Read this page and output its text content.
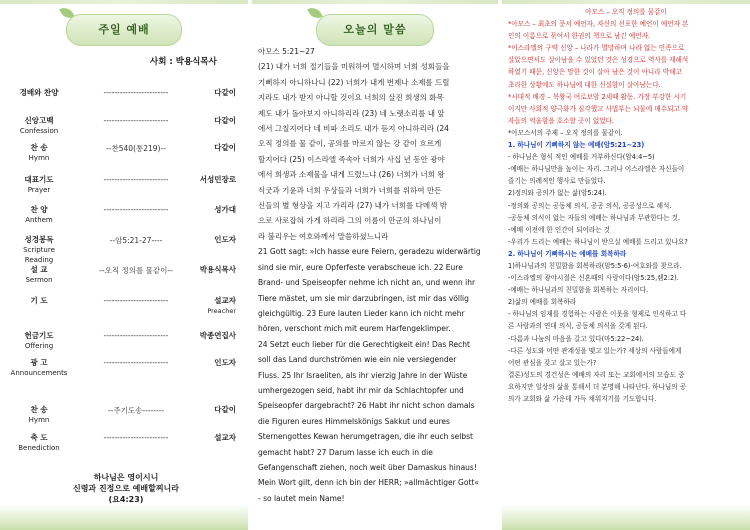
주일 예배
사회 : 박용식목사
경배와 찬양	------------------------	다같이
신앙고백
Confession
------------------------	다같이
찬 송
Hymn
--찬540(통219)--	다같이
대표기도
Prayer
------------------------	서성민장로
찬 양
Anthem
------------------------	성가대
성경봉독
Scripture Reading
--암5:21-27----	인도자
설 교
Sermon
--오직 정의를 물같이--	박용식목사
기 도	------------------------	설교자
Preacher
헌금기도
Offering
------------------------	박종연집사
광 고
Announcements
------------------------	인도자
찬 송
Hymn
--주기도송--------	다같이
축 도
Benediction
------------------------	설교자
하나님은 영이시니
신령과 진정으로 예배할찌니라
(요4:23)
오늘의 말씀
아모스 5:21~27
(21) 내가 너희 절기들을 미워하여 멸시하며 너희 성회들을
기뻐하지 아니하나니 (22) 너희가 내게 번제나 소제를 드릴
지라도 내가 받지 아니할 것이요 너희의 살진 희생의 화목
제도 내가 돌아보지 아니하리라 (23) 네 노랫소리를 내 앞
에서 그칠지어다 네 비파 소리도 내가 듣지 아니하리라 (24
오직 정의를 물 같이, 공의를 마르지 않는 강 같이 흐르게
할지어다 (25) 이스라엘 족속아 너희가 사십 년 동안 광야
에서 희생과 소제물을 내게 드렸느냐 (26) 너희가 너희 왕
식굿과 기윤과 너희 우상들과 너희가 너희를 위하여 만든
신들의 별 형상을 지고 가리라 (27) 내가 너희를 다메섹 밖
으로 사로잡혀 가게 하리라 그의 이름이 만군의 하나님이
라 불리우는 여호와께서 말씀하셨느니라
21 Gott sagt: »Ich hasse eure Feiern, geradezu widerwärtig
sind sie mir, eure Opferfeste verabscheue ich. 22 Eure
Brand- und Speiseopfer nehme ich nicht an, und wenn ihr
Tiere mästet, um sie mir darzubringen, ist mir das völlig
gleichgültig. 23 Eure lauten Lieder kann ich nicht mehr
hören, verschont mich mit eurem Harfengeklimper.
24 Setzt euch lieber für die Gerechtigkeit ein! Das Recht
soll das Land durchströmen wie ein nie versiegender
Fluss. 25 Ihr Israeliten, als ihr vierzig Jahre in der Wüste
umhergezogen seid, habt ihr mir da Schlachtopfer und
Speiseopfer dargebracht? 26 Habt ihr nicht schon damals
die Figuren eures Himmelskönigs Sakkut und eures
Sternengottes Kewan herumgetragen, die ihr euch selbst
gemacht habt? 27 Darum lasse ich euch in die
Gefangenschaft ziehen, noch weit über Damaskus hinaus!
Mein Wort gilt, denn ich bin der HERR; »allmächtiger Gott«
- so lautet mein Name!
아모스 – 오직 정의를 물같이
*아모스 – 최초의 문서 예언자, 자신의 선포한 예언이 예언자 본
인의 이름으로 묶여서 한권의 책으로 남긴 예언자.
*이스라엘의 구약 신앙 – 나라가 멸망하며 나라 없는 민족으로
살았으면서도 살아남을 수 있었던 것은 성경으로 역사를 재해석
하였기 때문, 신앙은 망한 것이 살아 남은 것이 아니라 박해고
초라한 상황에도 하나님에 대한 신실함이 살아남는다.
*시대적 배경 – 북왕국 여로보암 2세때 활동. 가장 부강한 시기
이지만 사회적 양극화가 심각했고 사법부는 뇌물에 매수되고 약
자들의 억울함을 호소할 곳이 없었다.
*아모스서의 주제 – 오직 정의를 물같이.
1. 하나님이 기뻐하지 않는 예배(암5:21~23)
- 하나님은 형식 적인 예배를 거부하신다(암4:4~5)
-예배는 하나님만을 높이는 자리. 그러나 이스라엘은 자신들이
즐기는 의례적인 행사로 만들었다.
2)정의와 공의가 없는 삶(암5:24).
-정의와 공의는 공동체 의식, 공공 의식, 공공성으로 해석.
-공동체 의식이 없는 자들의 예배는 하나님과 무관한다는 것.
-예배 이전에 한 인간이 되어라는 것
-우리가 드리는 예배는 하나님이 받으실 예배를 드리고 있나요?
2. 하나님이 기뻐하시는 예배를 회복하라
1)하나님과의 친밀함을 회복하라(암5:5-6)-여호와를 찾으라.
-이스라엘의 광야시절은 신혼때의 사랑이다(암5:25,렘2:2).
-예배는 하나님과의 친밀함을 회복하는 자리이다.
2)삶의 예배를 회복하라
- 하나님의 임재를 경험하는 사람은 이웃을 형제로 인식하고 다
른 사람과의 연대 의식, 공동체 의식을 갖게 된다.
-다름과 나눔의 마음을 갈고 있다(마5:22~24).
-다른 성도와 어떤 관계성을 맺고 있는가? 세상의 사람들에게
어떤 관심을 갖고 살고 있는가?
결론)성도의 경건성은 예배의 자리 또는 교회에서의 모습도 중
요하지만 일상의 삶을 통해서 더 분명해 나타난다. 하나님의 공
의가 교회와 삶 가운데 가득 채워지기를 기도합니다.
